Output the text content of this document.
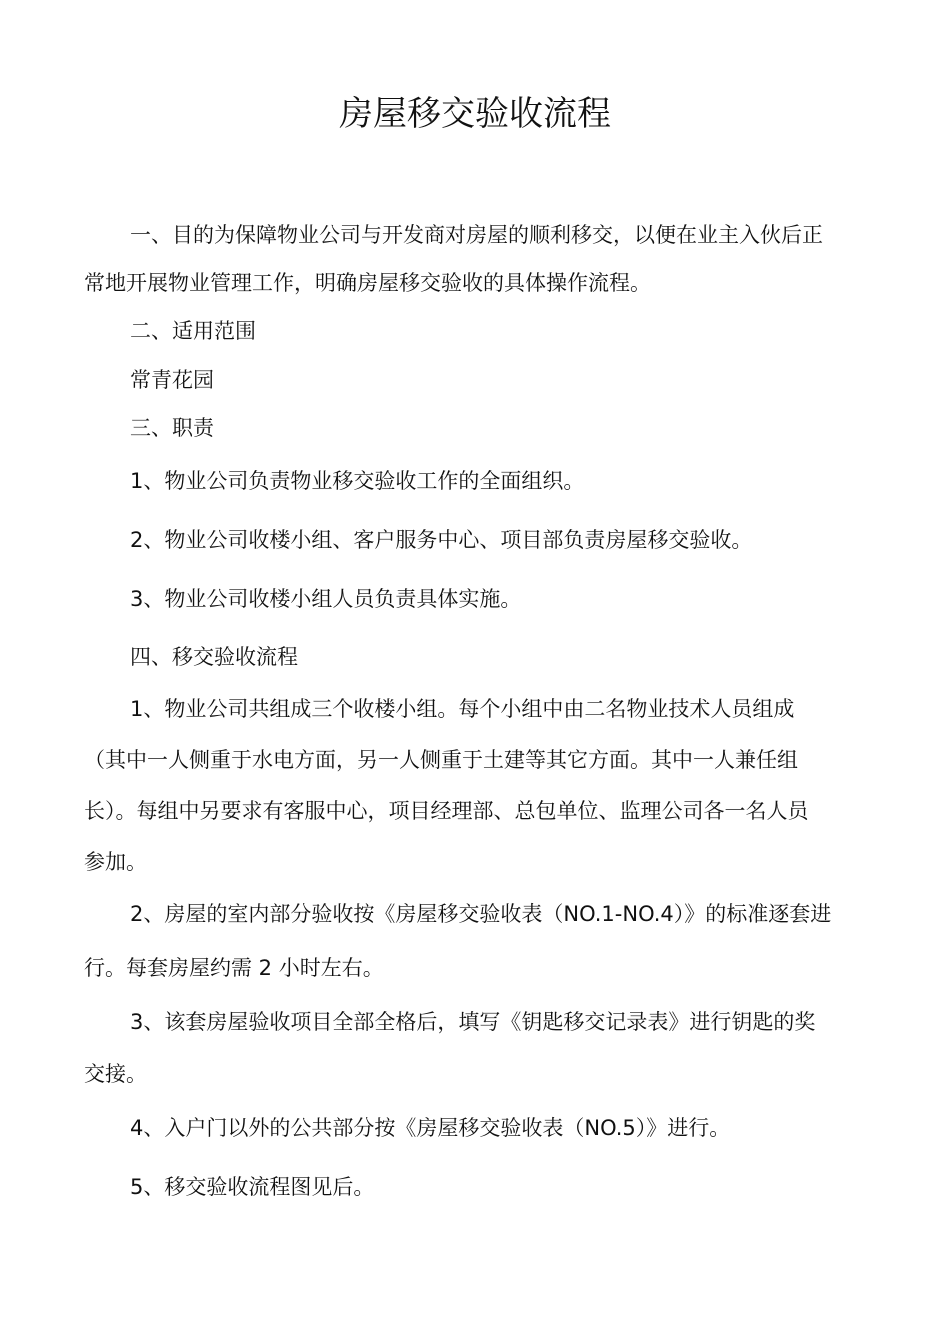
房屋移交验收流程
一、目的为保障物业公司与开发商对房屋的顺利移交，以便在业主入伙后正
常地开展物业管理工作，明确房屋移交验收的具体操作流程。
二、适用范围
常青花园
三、职责
1、物业公司负责物业移交验收工作的全面组织。
2、物业公司收楼小组、客户服务中心、项目部负责房屋移交验收。
3、物业公司收楼小组人员负责具体实施。
四、移交验收流程
1、物业公司共组成三个收楼小组。每个小组中由二名物业技术人员组成
（其中一人侧重于水电方面，另一人侧重于土建等其它方面。其中一人兼任组
长）。每组中另要求有客服中心，项目经理部、总包单位、监理公司各一名人员
参加。
2、房屋的室内部分验收按《房屋移交验收表（NO.1-NO.4）》的标准逐套进
行。每套房屋约需 2 小时左右。
3、该套房屋验收项目全部全格后，填写《钥匙移交记录表》进行钥匙的奖
交接。
4、入户门以外的公共部分按《房屋移交验收表（NO.5）》进行。
5、移交验收流程图见后。
